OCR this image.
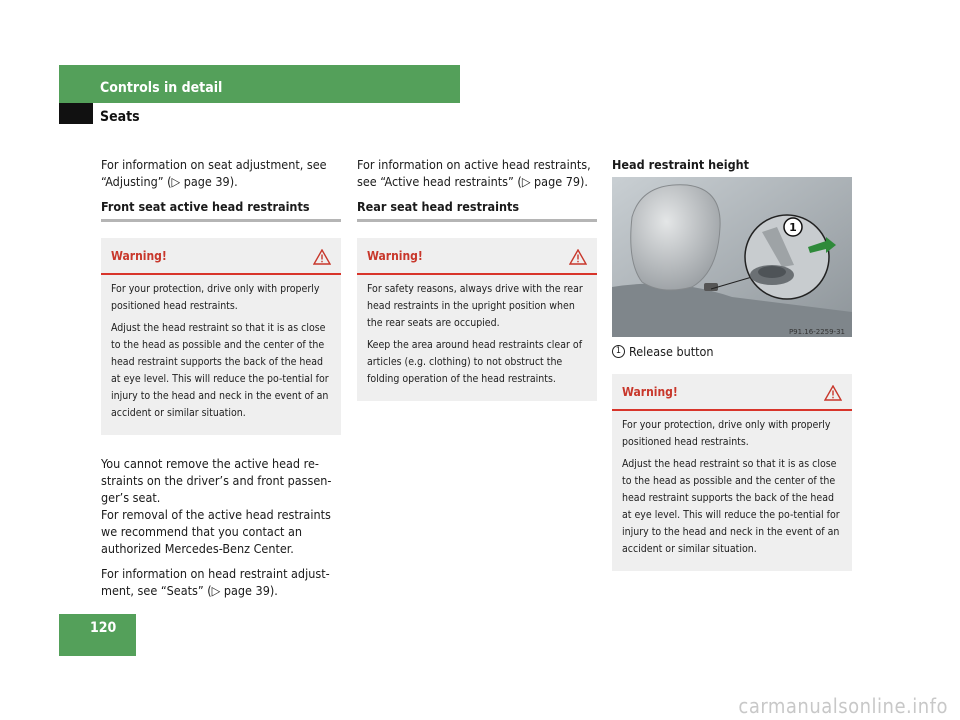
Controls in detail
Seats

For information on seat adjustment, see “Adjusting” (▷ page 39).

Front seat active head restraints
Warning!

For your protection, drive only with properly positioned head restraints.

Adjust the head restraint so that it is as close to the head as possible and the center of the head restraint supports the back of the head at eye level. This will reduce the po-tential for injury to the head and neck in the event of an accident or similar situation.

You cannot remove the active head re-straints on the driver’s and front passen-ger’s seat.

For removal of the active head restraints we recommend that you contact an authorized Mercedes-Benz Center.

For information on head restraint adjust-ment, see “Seats” (▷ page 39).

For information on active head restraints, see “Active head restraints” (▷ page 79).

Rear seat head restraints
Warning!

For safety reasons, always drive with the rear head restraints in the upright position when the rear seats are occupied.

Keep the area around head restraints clear of articles (e.g. clothing) to not obstruct the folding operation of the head restraints.

Head restraint height
1
P91.16-2259-31
1 Release button
Warning!

For your protection, drive only with properly positioned head restraints.

Adjust the head restraint so that it is as close to the head as possible and the center of the head restraint supports the back of the head at eye level. This will reduce the po-tential for injury to the head and neck in the event of an accident or similar situation.

120
carmanualsonline.info
